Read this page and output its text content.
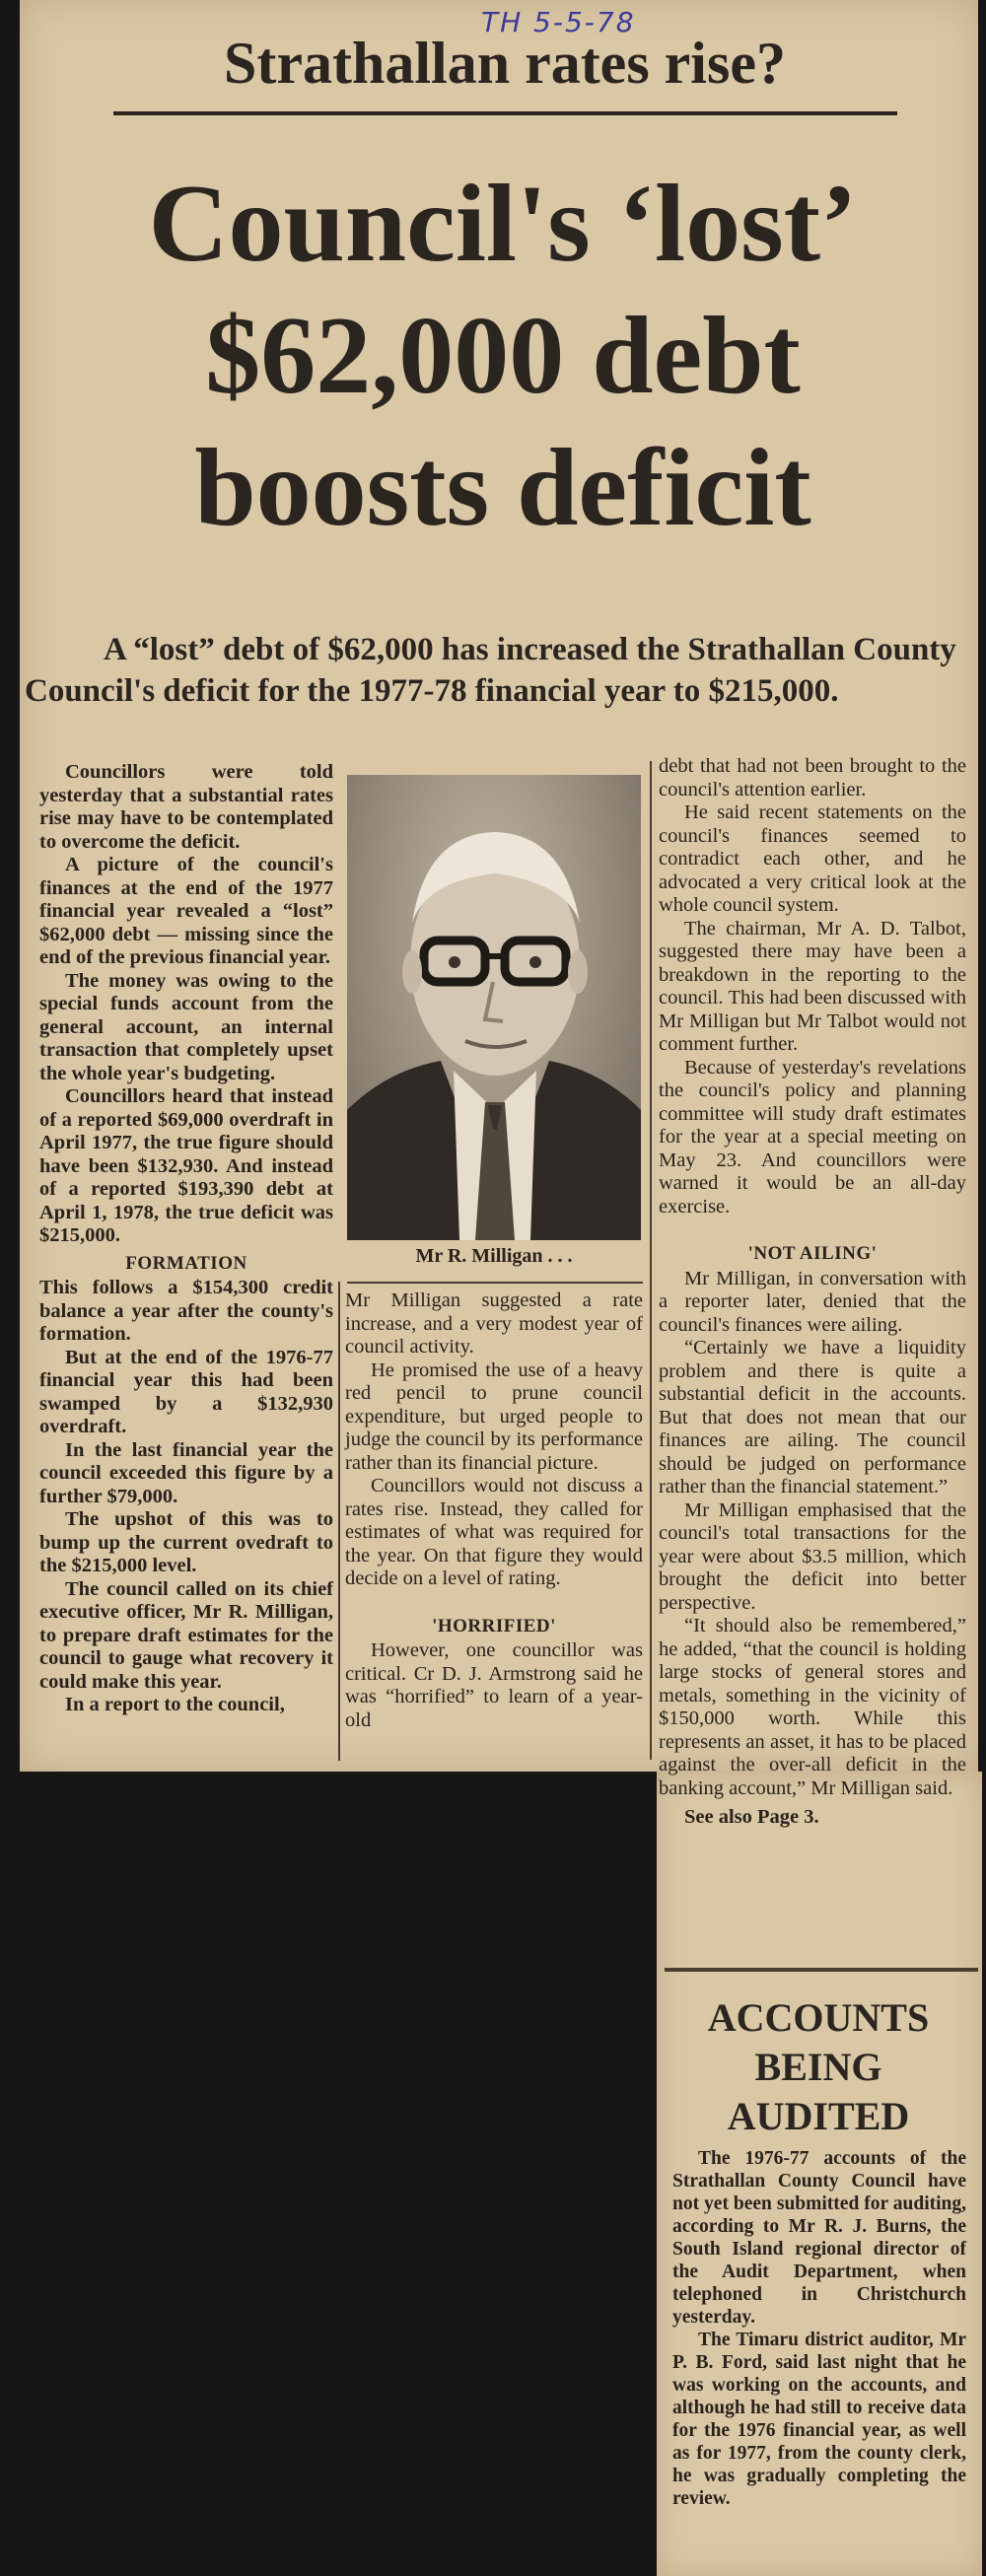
TH 5-5-78
Strathallan rates rise?
Council's ‘lost’
$62,000 debt
boosts deficit

A “lost” debt of $62,000 has increased the Strathallan County Council's deficit for the 1977-78 financial year to $215,000.

Councillors were told yesterday that a substantial rates rise may have to be contemplated to overcome the deficit.

A picture of the council's finances at the end of the 1977 financial year revealed a “lost” $62,000 debt — missing since the end of the previous financial year.

The money was owing to the special funds account from the general account, an internal transaction that completely upset the whole year's budgeting.

Councillors heard that instead of a reported $69,000 overdraft in April 1977, the true figure should have been $132,930. And instead of a reported $193,390 debt at April 1, 1978, the true deficit was $215,000.

FORMATION

This follows a $154,300 credit balance a year after the county's formation.

But at the end of the 1976-77 financial year this had been swamped by a $132,930 overdraft.

In the last financial year the council exceeded this figure by a further $79,000.

The upshot of this was to bump up the current ovedraft to the $215,000 level.

The council called on its chief executive officer, Mr R. Milligan, to prepare draft estimates for the council to gauge what recovery it could make this year.

In a report to the council,

Mr R. Milligan . . .

Mr Milligan suggested a rate increase, and a very modest year of council activity.

He promised the use of a heavy red pencil to prune council expenditure, but urged people to judge the council by its performance rather than its financial picture.

Councillors would not discuss a rates rise. Instead, they called for estimates of what was required for the year. On that figure they would decide on a level of rating.

'HORRIFIED'

However, one councillor was critical. Cr D. J. Armstrong said he was “horrified” to learn of a year-old

debt that had not been brought to the council's attention earlier.

He said recent statements on the council's finances seemed to contradict each other, and he advocated a very critical look at the whole council system.

The chairman, Mr A. D. Talbot, suggested there may have been a breakdown in the reporting to the council. This had been discussed with Mr Milligan but Mr Talbot would not comment further.

Because of yesterday's revelations the council's policy and planning committee will study draft estimates for the year at a special meeting on May 23. And councillors were warned it would be an all-day exercise.

'NOT AILING'

Mr Milligan, in conversation with a reporter later, denied that the council's finances were ailing.

“Certainly we have a liquidity problem and there is quite a substantial deficit in the accounts. But that does not mean that our finances are ailing. The council should be judged on performance rather than the financial statement.”

Mr Milligan emphasised that the council's total transactions for the year were about $3.5 million, which brought the deficit into better perspective.

“It should also be remembered,” he added, “that the council is holding large stocks of general stores and metals, something in the vicinity of $150,000 worth. While this represents an asset, it has to be placed against the over-all deficit in the banking account,” Mr Milligan said.

See also Page 3.

ACCOUNTS BEING AUDITED

The 1976-77 accounts of the Strathallan County Council have not yet been submitted for auditing, according to Mr R. J. Burns, the South Island regional director of the Audit Department, when telephoned in Christchurch yesterday.

The Timaru district auditor, Mr P. B. Ford, said last night that he was working on the accounts, and although he had still to receive data for the 1976 financial year, as well as for 1977, from the county clerk, he was gradually completing the review.
